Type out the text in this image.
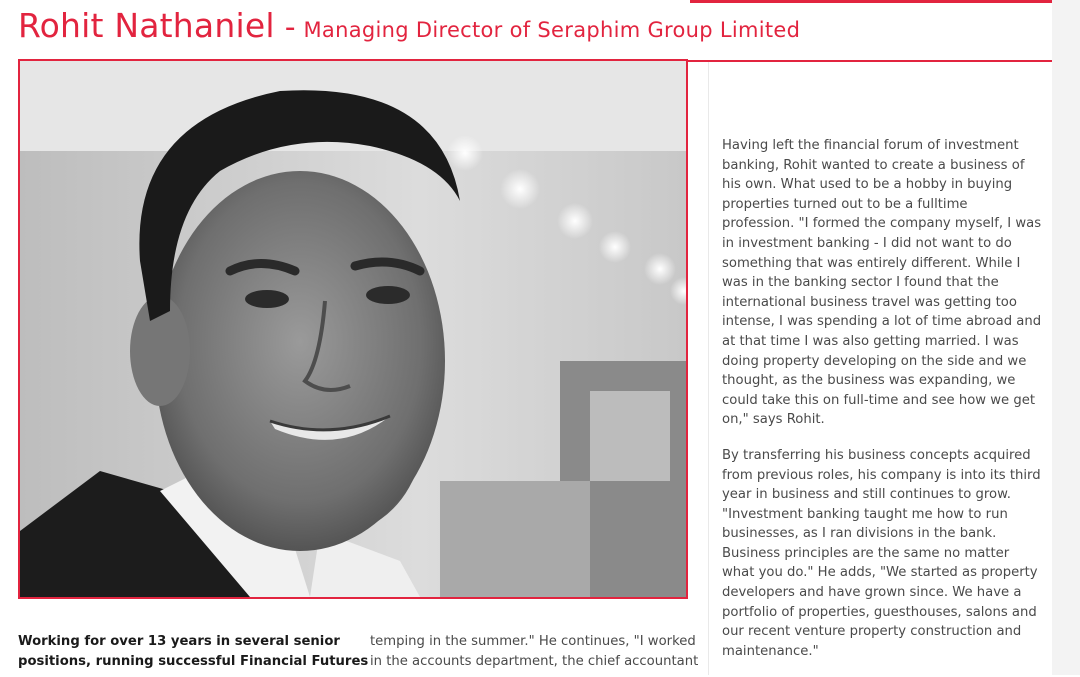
Rohit Nathaniel - Managing Director of Seraphim Group Limited

Having left the financial forum of investment
banking, Rohit wanted to create a business of
his own. What used to be a hobby in buying
properties turned out to be a fulltime
profession. "I formed the company myself, I was
in investment banking - I did not want to do
something that was entirely different. While I
was in the banking sector I found that the
international business travel was getting too
intense, I was spending a lot of time abroad and
at that time I was also getting married. I was
doing property developing on the side and we
thought, as the business was expanding, we
could take this on full-time and see how we get
on," says Rohit.

By transferring his business concepts acquired
from previous roles, his company is into its third
year in business and still continues to grow.
"Investment banking taught me how to run
businesses, as I ran divisions in the bank.
Business principles are the same no matter
what you do." He adds, "We started as property
developers and have grown since. We have a
portfolio of properties, guesthouses, salons and
our recent venture property construction and
maintenance."

Working for over 13 years in several senior
positions, running successful Financial Futures
temping in the summer." He continues, "I worked
in the accounts department, the chief accountant
